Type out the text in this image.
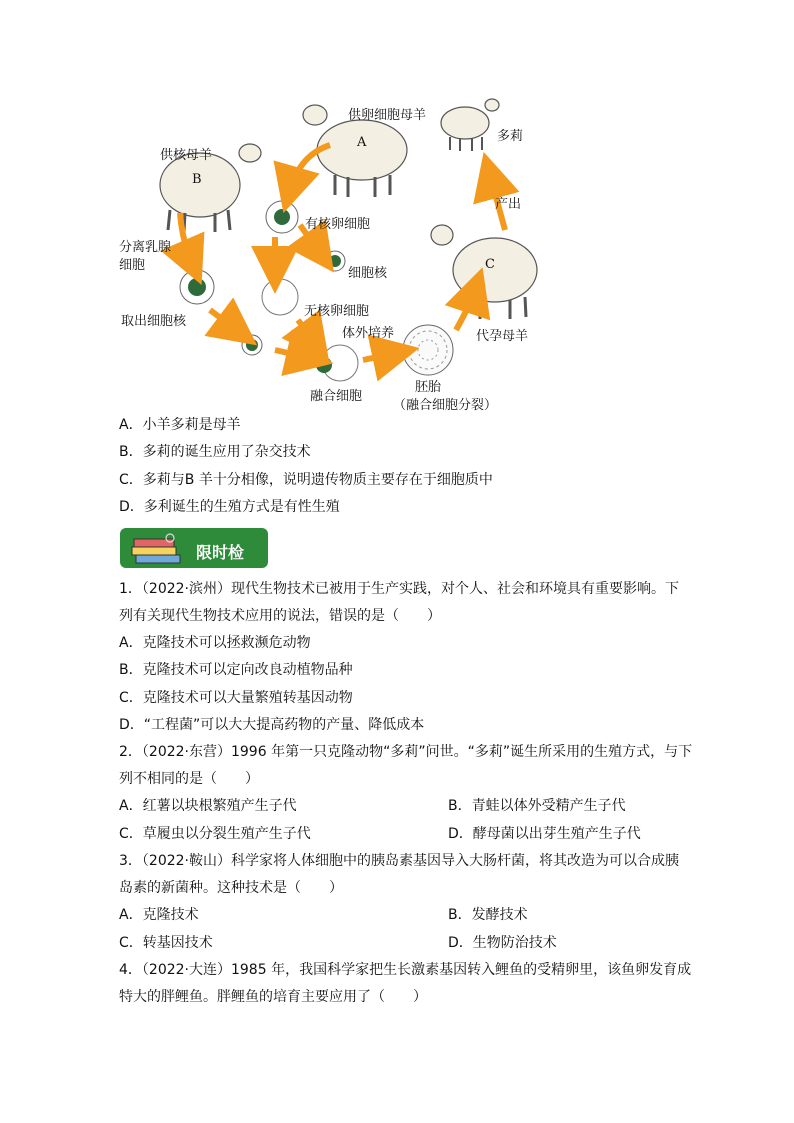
供卵细胞母羊
多莉
供核母羊
分离乳腺
细胞
有核卵细胞
细胞核
取出细胞核
无核卵细胞
体外培养
融合细胞
胚胎
（融合细胞分裂）
代孕母羊
产出
A
B
C
A．小羊多莉是母羊
B．多莉的诞生应用了杂交技术
C．多莉与B 羊十分相像，说明遗传物质主要存在于细胞质中
D．多利诞生的生殖方式是有性生殖
限时检
1．（2022·滨州）现代生物技术已被用于生产实践，对个人、社会和环境具有重要影响。下
列有关现代生物技术应用的说法，错误的是（　　）
A．克隆技术可以拯救濒危动物
B．克隆技术可以定向改良动植物品种
C．克隆技术可以大量繁殖转基因动物
D．“工程菌”可以大大提高药物的产量、降低成本
2．（2022·东营）1996 年第一只克隆动物“多莉”问世。“多莉”诞生所采用的生殖方式，与下
列不相同的是（　　）
A．红薯以块根繁殖产生子代	B．青蛙以体外受精产生子代
C．草履虫以分裂生殖产生子代	D．酵母菌以出芽生殖产生子代
3．（2022·鞍山）科学家将人体细胞中的胰岛素基因导入大肠杆菌，将其改造为可以合成胰
岛素的新菌种。这种技术是（　　）
A．克隆技术	B．发酵技术
C．转基因技术	D．生物防治技术
4．（2022·大连）1985 年，我国科学家把生长激素基因转入鲤鱼的受精卵里，该鱼卵发育成
特大的胖鲤鱼。胖鲤鱼的培育主要应用了（　　）
